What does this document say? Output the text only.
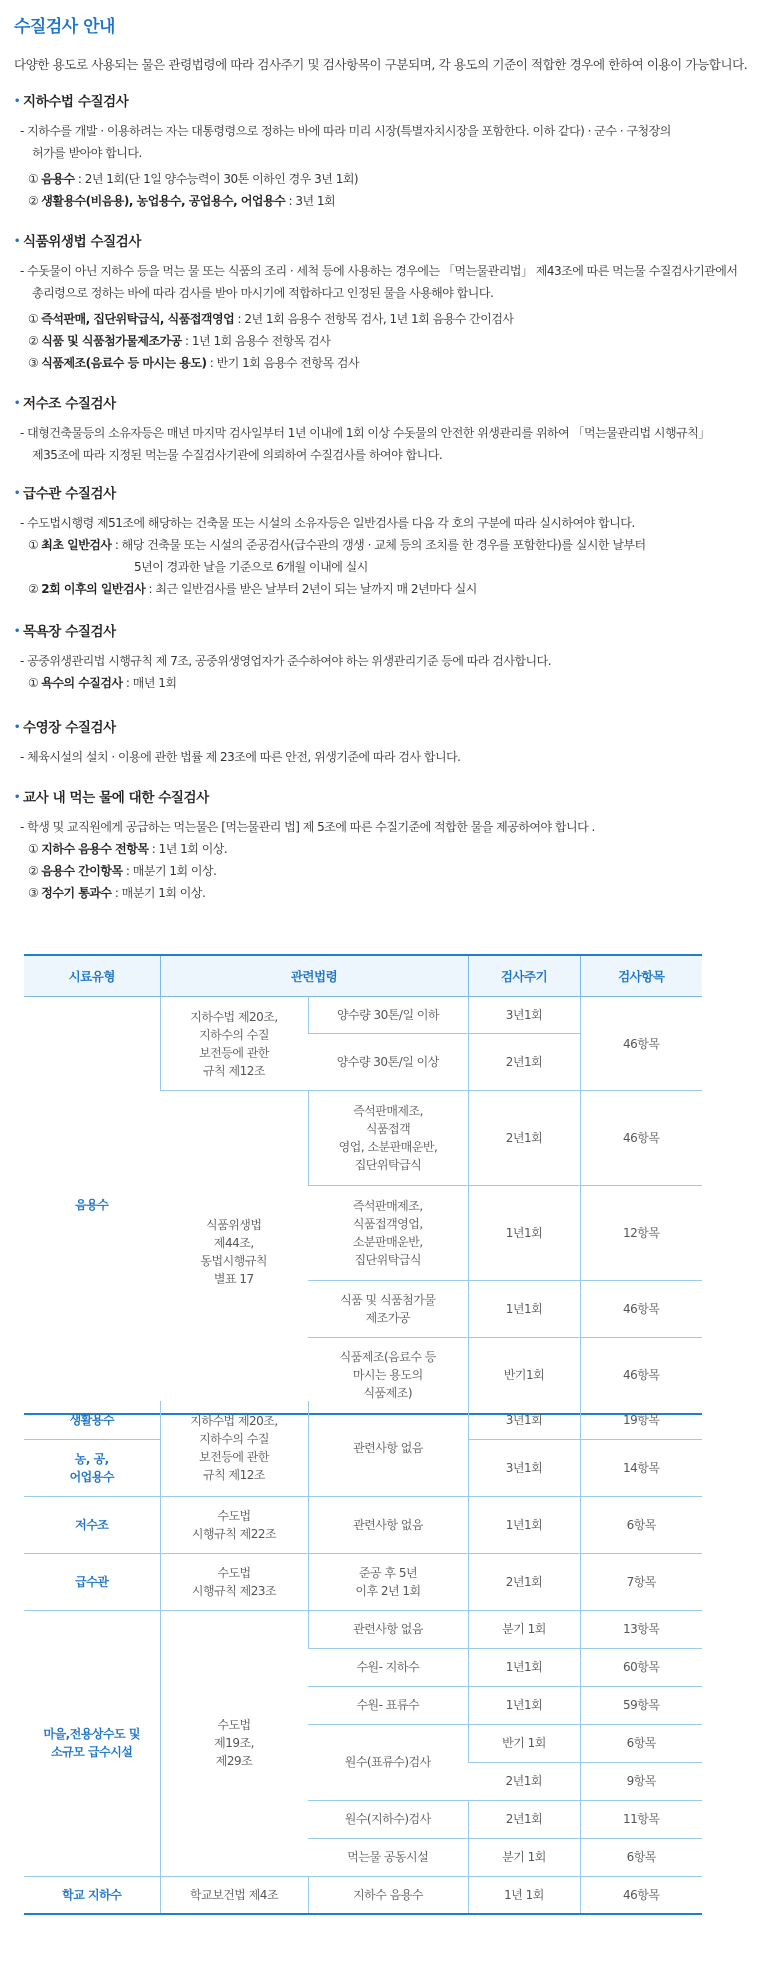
수질검사 안내

다양한 용도로 사용되는 물은 관령법령에 따라 검사주기 및 검사항목이 구분되며, 각 용도의 기준이 적합한 경우에 한하여 이용이 가능합니다.

• 지하수법 수질검사
- 지하수를 개발 · 이용하려는 자는 대통령령으로 정하는 바에 따라 미리 시장(특별자치시장을 포함한다. 이하 같다) · 군수 · 구청장의
허가를 받아야 합니다.
① 음용수 : 2년 1회(단 1일 양수능력이 30톤 이하인 경우 3년 1회)
② 생활용수(비음용), 농업용수, 공업용수, 어업용수 : 3년 1회
• 식품위생법 수질검사
- 수돗물이 아닌 지하수 등을 먹는 물 또는 식품의 조리 · 세척 등에 사용하는 경우에는 「먹는물관리법」 제43조에 따른 먹는물 수질검사기관에서
총리령으로 정하는 바에 따라 검사를 받아 마시기에 적합하다고 인정된 물을 사용해야 합니다.
① 즉석판매, 집단위탁급식, 식품접객영업 : 2년 1회 음용수 전항목 검사, 1년 1회 음용수 간이검사
② 식품 및 식품첨가물제조가공 : 1년 1회 음용수 전항목 검사
③ 식품제조(음료수 등 마시는 용도) : 반기 1회 음용수 전항목 검사
• 저수조 수질검사
- 대형건축물등의 소유자등은 매년 마지막 검사일부터 1년 이내에 1회 이상 수돗물의 안전한 위생관리를 위하여 「먹는물관리법 시행규칙」
제35조에 따라 지정된 먹는물 수질검사기관에 의뢰하여 수질검사를 하여야 합니다.
• 급수관 수질검사
- 수도법시행령 제51조에 해당하는 건축물 또는 시설의 소유자등은 일반검사를 다음 각 호의 구분에 따라 실시하여야 합니다.
① 최초 일반검사 : 해당 건축물 또는 시설의 준공검사(급수관의 갱생 · 교체 등의 조치를 한 경우를 포함한다)를 실시한 날부터
5년이 경과한 날을 기준으로 6개월 이내에 실시
② 2회 이후의 일반검사 : 최근 일반검사를 받은 날부터 2년이 되는 날까지 매 2년마다 실시
• 목욕장 수질검사
- 공중위생관리법 시행규칙 제 7조, 공중위생영업자가 준수하여야 하는 위생관리기준 등에 따라 검사합니다.
① 욕수의 수질검사 : 매년 1회
• 수영장 수질검사
- 체육시설의 설치 · 이용에 관한 법률 제 23조에 따른 안전, 위생기준에 따라 검사 합니다.
• 교사 내 먹는 물에 대한 수질검사
- 학생 및 교직원에게 공급하는 먹는물은 [먹는물관리 법] 제 5조에 따른 수질기준에 적합한 물을 제공하여야 합니다 .
① 지하수 음용수 전항목 : 1년 1회 이상.
② 음용수 간이항목 : 매분기 1회 이상.
③ 정수기 통과수 : 매분기 1회 이상.
시료유형	관련법령		검사주기	검사항목
음용수	지하수법 제20조,
지하수의 수질
보전등에 관한
규칙 제12조	양수량 30톤/일 이하	3년1회	46항목
		양수량 30톤/일 이상	2년1회	
	식품위생법
제44조,
동법시행규칙
별표 17	즉석판매제조,
식품접객
영업, 소분판매운반,
집단위탁급식	2년1회	46항목
		즉석판매제조,
식품접객영업,
소분판매운반,
집단위탁급식	1년1회	12항목
		식품 및 식품첨가물
제조가공	1년1회	46항목
		식품제조(음료수 등
마시는 용도의
식품제조)	반기1회	46항목
생활용수	지하수법 제20조,
지하수의 수질
보전등에 관한
규칙 제12조	관련사항 없음	3년1회	19항목
농, 공,
어업용수			3년1회	14항목
저수조	수도법
시행규칙 제22조	관련사항 없음	1년1회	6항목
급수관	수도법
시행규칙 제23조	준공 후 5년
이후 2년 1회	2년1회	7항목
마을,전용상수도 및
소규모 급수시설	수도법
제19조,
제29조	관련사항 없음	분기 1회	13항목
		수원- 지하수	1년1회	60항목
		수원- 표류수	1년1회	59항목
		원수(표류수)검사	반기 1회	6항목
			2년1회	9항목
		원수(지하수)검사	2년1회	11항목
		먹는물 공동시설	분기 1회	6항목
학교 지하수	학교보건법 제4조	지하수 음용수	1년 1회	46항목
